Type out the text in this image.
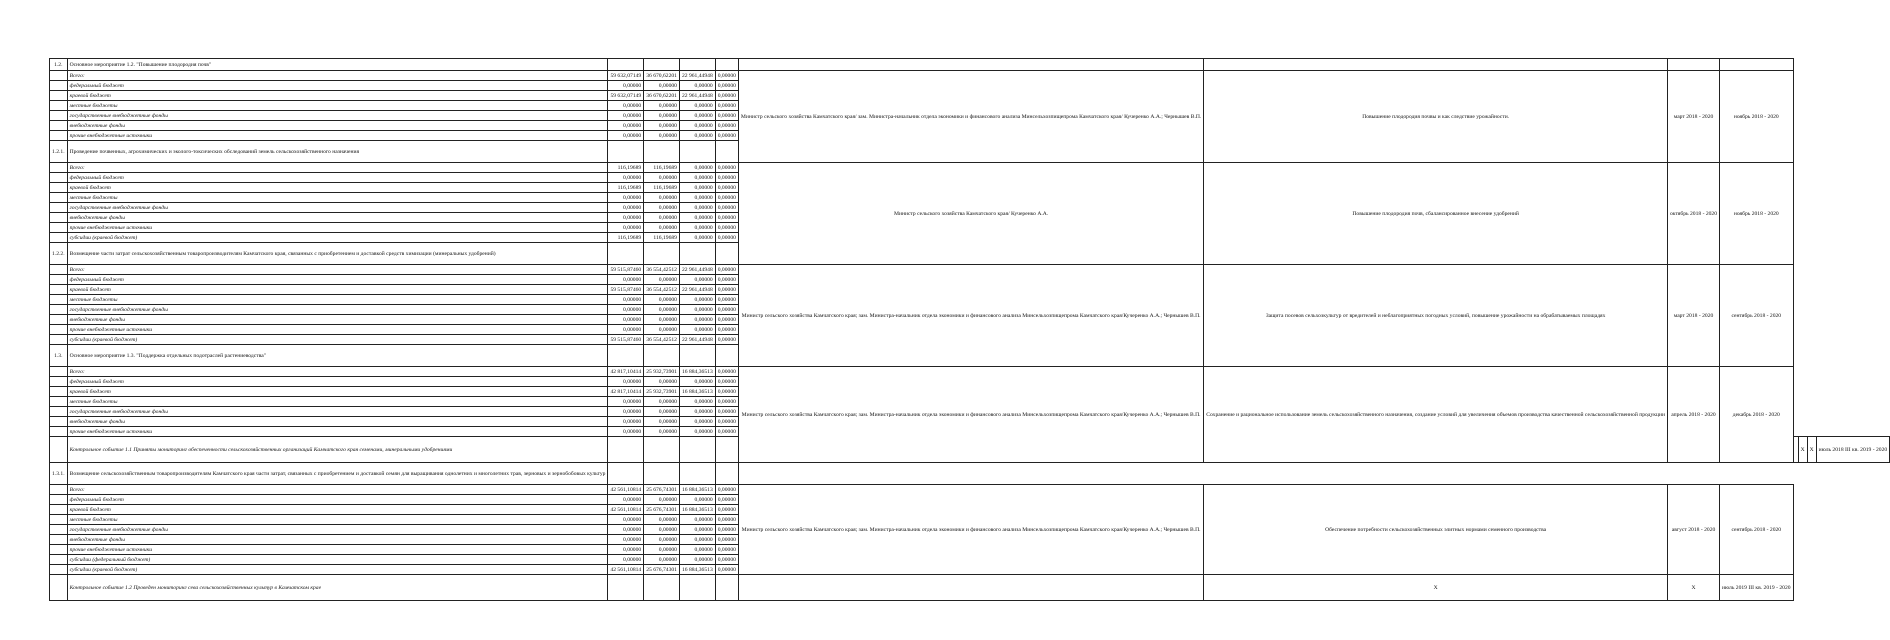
1.2.	Основное мероприятие 1.2. "Повышение плодородия почв"												
	Всего:	59 632,07149	36 670,62201	22 961,44948	0,00000	Министр сельского хозяйства Камчатского края/ зам. Министра-начальник отдела экономики и финансового анализа Минсельхозпищепрома Камчатского края/ Кучеренко А.А.; Чернышев В.П.	Повышение плодородия почвы и как следствие урожайности.	март 2018 - 2020	ноябрь 2018 - 2020				
	федеральный бюджет	0,00000	0,00000	0,00000	0,00000								
	краевой бюджет	59 632,07149	36 670,62201	22 961,44948	0,00000								
	местные бюджеты	0,00000	0,00000	0,00000	0,00000								
	государственные внебюджетные фонды	0,00000	0,00000	0,00000	0,00000								
	внебюджетные фонды	0,00000	0,00000	0,00000	0,00000								
	прочие внебюджетные источники	0,00000	0,00000	0,00000	0,00000								
1.2.1.	Проведение почвенных, агрохимических и эколого-токсических обследований земель сельскохозяйственного назначения												
	Всего:	116,19689	116,19689	0,00000	0,00000	Министр сельского хозяйства Камчатского края/ Кучеренко А.А.	Повышение плодородия почв, сбалансированное внесение удобрений	октябрь 2018 - 2020	ноябрь 2018 - 2020				
	федеральный бюджет	0,00000	0,00000	0,00000	0,00000								
	краевой бюджет	116,19689	116,19689	0,00000	0,00000								
	местные бюджеты	0,00000	0,00000	0,00000	0,00000								
	государственные внебюджетные фонды	0,00000	0,00000	0,00000	0,00000								
	внебюджетные фонды	0,00000	0,00000	0,00000	0,00000								
	прочие внебюджетные источники	0,00000	0,00000	0,00000	0,00000								
	субсидии (краевой бюджет)	116,19689	116,19689	0,00000	0,00000								
1.2.2.	Возмещение части затрат сельскохозяйственным товаропроизводителям Камчатского края, связанных с приобретением и доставкой средств химизации (минеральных удобрений)												
	Всего:	59 515,87460	36 554,42512	22 961,44948	0,00000	Министр сельского хозяйства Камчатского края; зам. Министра-начальник отдела экономики и финансового анализа Минсельхозпищепрома Камчатского края/Кучеренко А.А.; Чернышев В.П.	Защита посевов сельхозкультур от вредителей и неблагоприятных погодных условий, повышение урожайности на обрабатываемых площадях	март 2018 - 2020	сентябрь 2018 - 2020				
	федеральный бюджет	0,00000	0,00000	0,00000	0,00000								
	краевой бюджет	59 515,87460	36 554,42512	22 961,44948	0,00000								
	местные бюджеты	0,00000	0,00000	0,00000	0,00000								
	государственные внебюджетные фонды	0,00000	0,00000	0,00000	0,00000								
	внебюджетные фонды	0,00000	0,00000	0,00000	0,00000								
	прочие внебюджетные источники	0,00000	0,00000	0,00000	0,00000								
	субсидии (краевой бюджет)	59 515,87460	36 554,42512	22 961,44948	0,00000								
1.3.	Основное мероприятие 1.3. "Поддержка отдельных подотраслей растениеводства"												
	Всего:	42 817,10414	25 932,73901	16 884,36513	0,00000	Министр сельского хозяйства Камчатского края; зам. Министра-начальник отдела экономики и финансового анализа Минсельхозпищепрома Камчатского края/Кучеренко А.А.; Чернышев В.П.	Сохранение и рациональное использование земель сельскохозяйственного назначения, создание условий для увеличения объемов производства качественной сельскохозяйственной продукции	апрель 2018 - 2020	декабрь 2018 - 2020				
	федеральный бюджет	0,00000	0,00000	0,00000	0,00000								
	краевой бюджет	42 817,10414	25 932,73901	16 884,36513	0,00000								
	местные бюджеты	0,00000	0,00000	0,00000	0,00000								
	государственные внебюджетные фонды	0,00000	0,00000	0,00000	0,00000								
	внебюджетные фонды	0,00000	0,00000	0,00000	0,00000								
	прочие внебюджетные источники	0,00000	0,00000	0,00000	0,00000								
	Контрольное событие 1.1 Приняты мониторинг обеспеченности сельскохозяйственных организаций Камчатского края семенами, минеральными удобрениями										X	X	июль 2018 III кв. 2019 - 2020
1.3.1.	Возмещение сельскохозяйственным товаропроизводителям Камчатского края части затрат, связанных с приобретением и доставкой семян для выращивания однолетних и многолетних трав, зерновых и зернобобовых культур												
	Всего:	42 561,10814	25 676,74301	16 884,36513	0,00000	Министр сельского хозяйства Камчатского края; зам. Министра-начальник отдела экономики и финансового анализа Минсельхозпищепрома Камчатского края/Кучеренко А.А.; Чернышев В.П.	Обеспечение потребности сельскохозяйственных элитных нормами семенного производства	август 2018 - 2020	сентябрь 2018 - 2020				
	федеральный бюджет	0,00000	0,00000	0,00000	0,00000								
	краевой бюджет	42 561,10814	25 676,74301	16 884,36513	0,00000								
	местные бюджеты	0,00000	0,00000	0,00000	0,00000								
	государственные внебюджетные фонды	0,00000	0,00000	0,00000	0,00000								
	внебюджетные фонды	0,00000	0,00000	0,00000	0,00000								
	прочие внебюджетные источники	0,00000	0,00000	0,00000	0,00000								
	субсидии (федеральный бюджет)	0,00000	0,00000	0,00000	0,00000								
	субсидии (краевой бюджет)	42 561,10814	25 676,74301	16 884,36513	0,00000								
	Контрольное событие 1.2 Проведен мониторинг сева сельскохозяйственных культур в Камчатском крае						X	X	июль 2019 III кв. 2019 - 2020				
